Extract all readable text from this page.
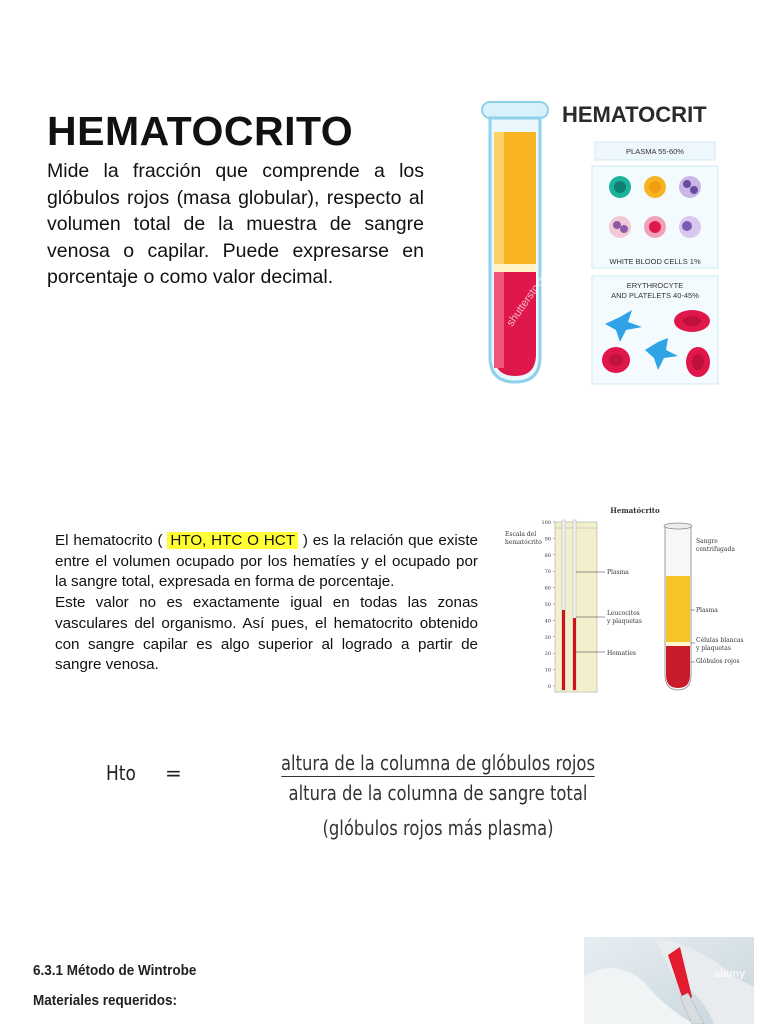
HEMATOCRITO

Mide la fracción que comprende a los glóbulos rojos (masa globular), respecto al volumen total de la muestra de sangre venosa o capilar. Puede expresarse en porcentaje o como valor decimal.

HEMATOCRIT
PLASMA 55-60%
WHITE BLOOD CELLS 1%
ERYTHROCYTE
AND PLATELETS 40-45%
shutterstock

El hematocrito ( HTO, HTC O HCT ) es la relación que existe entre el volumen ocupado por los hematíes y el ocupado por la sangre total, expresada en forma de porcentaje.

Este valor no es exactamente igual en todas las zonas vasculares del organismo. Así pues, el hematocrito obtenido con sangre capilar es algo superior al logrado a partir de sangre venosa.

Hematócrito
Escala del
hematócrito
100
90
80
70
60
50
40
30
20
10
0
Plasma
Leucocitos
y plaquetas
Hematíes
Sangre
centrifugada
Plasma
Células blancas
y plaquetas
Glóbulos rojos
Hto =	altura de la columna de glóbulos rojos
altura de la columna de sangre total
(glóbulos rojos más plasma)
6.3.1 Método de Wintrobe
Materiales requeridos:
alamy
